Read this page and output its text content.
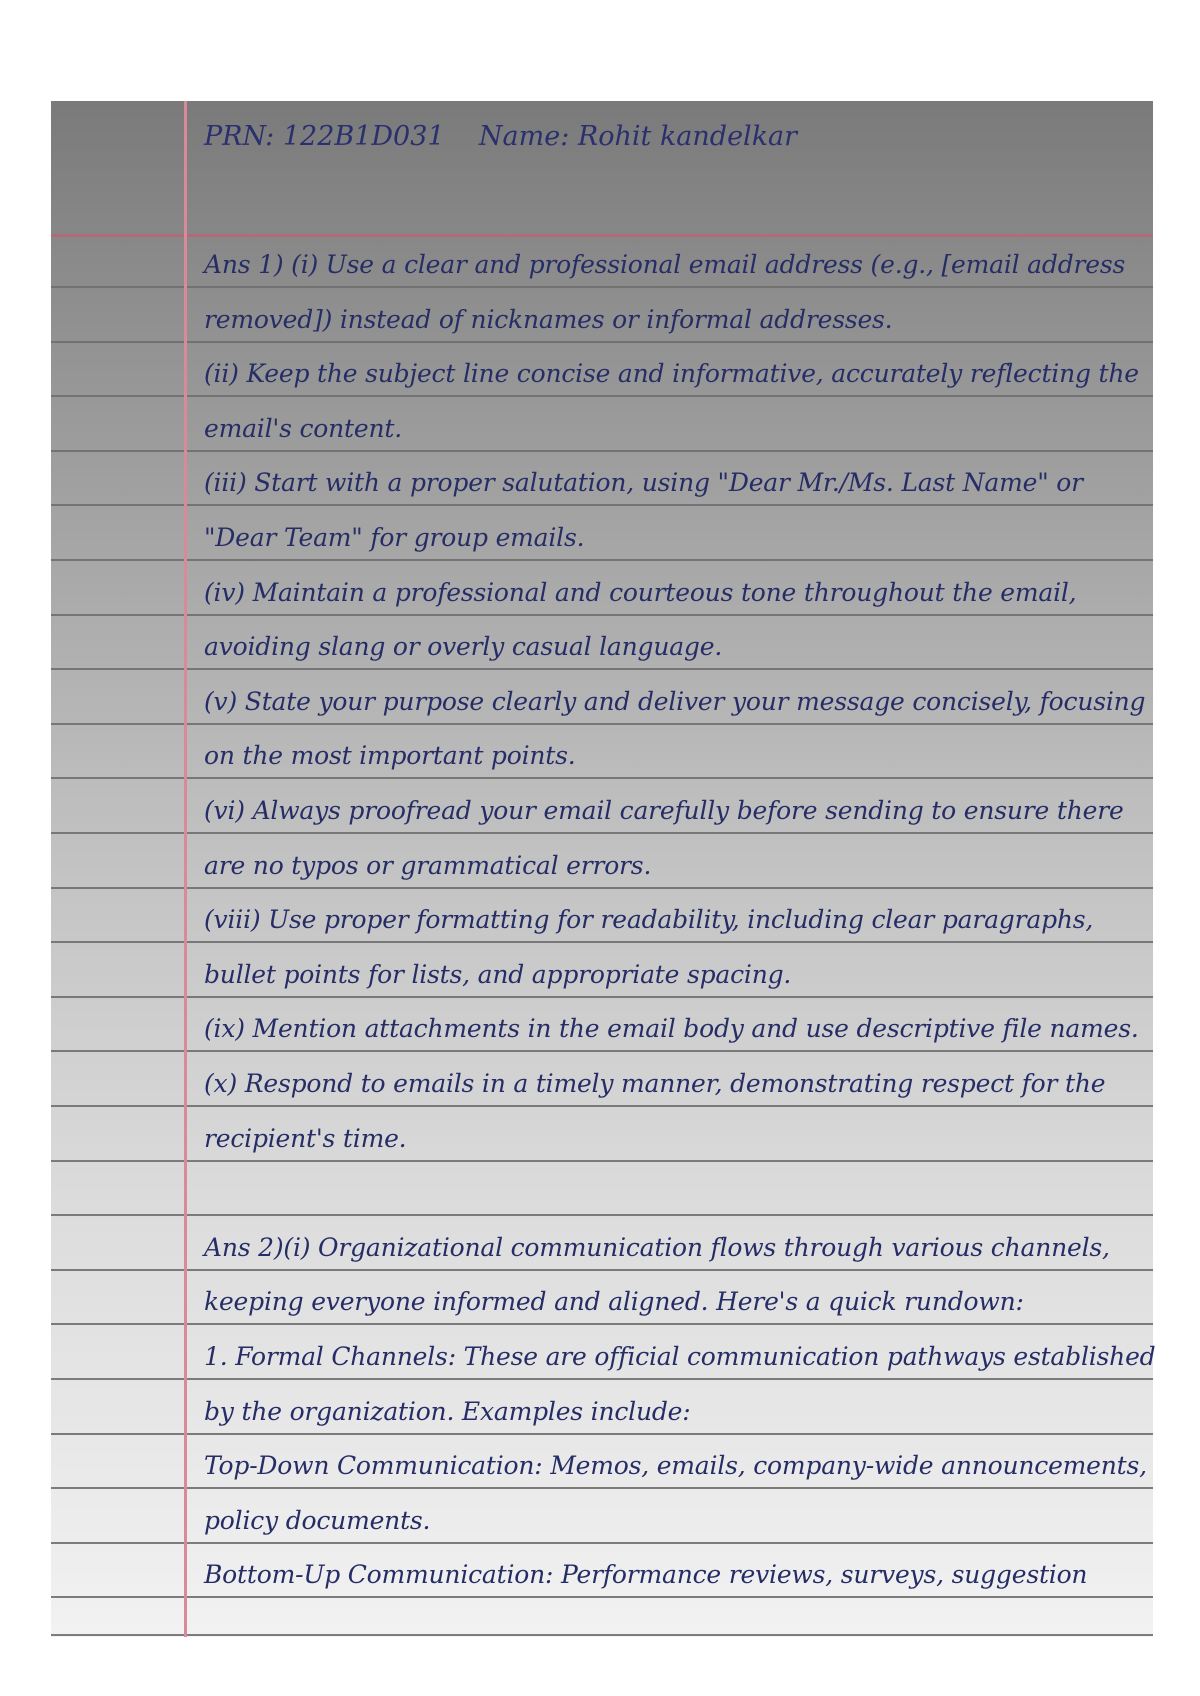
PRN: 122B1D031 Name: Rohit kandelkar
Ans 1) (i) Use a clear and professional email address (e.g., [email address
removed]) instead of nicknames or informal addresses.
(ii) Keep the subject line concise and informative, accurately reflecting the
email's content.
(iii) Start with a proper salutation, using "Dear Mr./Ms. Last Name" or
"Dear Team" for group emails.
(iv) Maintain a professional and courteous tone throughout the email,
avoiding slang or overly casual language.
(v) State your purpose clearly and deliver your message concisely, focusing
on the most important points.
(vi) Always proofread your email carefully before sending to ensure there
are no typos or grammatical errors.
(viii) Use proper formatting for readability, including clear paragraphs,
bullet points for lists, and appropriate spacing.
(ix) Mention attachments in the email body and use descriptive file names.
(x) Respond to emails in a timely manner, demonstrating respect for the
recipient's time.
Ans 2)(i) Organizational communication flows through various channels,
keeping everyone informed and aligned. Here's a quick rundown:
1. Formal Channels: These are official communication pathways established
by the organization. Examples include:
Top-Down Communication: Memos, emails, company-wide announcements,
policy documents.
Bottom-Up Communication: Performance reviews, surveys, suggestion
